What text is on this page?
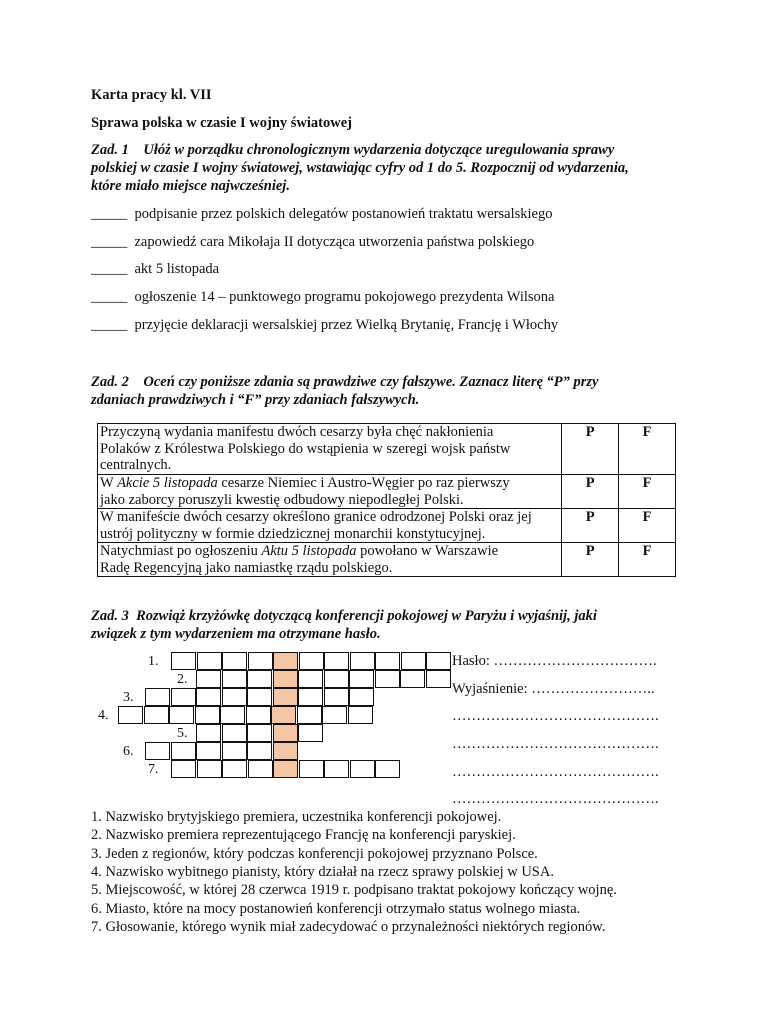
Karta pracy kl. VII
Sprawa polska w czasie I wojny światowej
Zad. 1 Ułóż w porządku chronologicznym wydarzenia dotyczące uregulowania sprawy
polskiej w czasie I wojny światowej, wstawiając cyfry od 1 do 5. Rozpocznij od wydarzenia,
które miało miejsce najwcześniej.
_____ podpisanie przez polskich delegatów postanowień traktatu wersalskiego
_____ zapowiedź cara Mikołaja II dotycząca utworzenia państwa polskiego
_____ akt 5 listopada
_____ ogłoszenie 14 – punktowego programu pokojowego prezydenta Wilsona
_____ przyjęcie deklaracji wersalskiej przez Wielką Brytanię, Francję i Włochy
Zad. 2 Oceń czy poniższe zdania są prawdziwe czy fałszywe. Zaznacz literę “P” przy
zdaniach prawdziwych i “F” przy zdaniach fałszywych.
Przyczyną wydania manifestu dwóch cesarzy była chęć nakłonienia
Polaków z Królestwa Polskiego do wstąpienia w szeregi wojsk państw
centralnych.	P	F

W Akcie 5 listopada cesarze Niemiec i Austro-Węgier po raz pierwszy
jako zaborcy poruszyli kwestię odbudowy niepodległej Polski.	P	F

W manifeście dwóch cesarzy określono granice odrodzonej Polski oraz jej
ustrój polityczny w formie dziedzicznej monarchii konstytucyjnej.	P	F

Natychmiast po ogłoszeniu Aktu 5 listopada powołano w Warszawie
Radę Regencyjną jako namiastkę rządu polskiego.	P	F
Zad. 3 Rozwiąż krzyżówkę dotyczącą konferencji pokojowej w Paryżu i wyjaśnij, jaki
związek z tym wydarzeniem ma otrzymane hasło.
1.
2.
3.
4.
5.
6.
7.
Hasło: …………………………….
Wyjaśnienie: ……………………..
…………………………………….
…………………………………….
…………………………………….
…………………………………….
1. Nazwisko brytyjskiego premiera, uczestnika konferencji pokojowej.
2. Nazwisko premiera reprezentującego Francję na konferencji paryskiej.
3. Jeden z regionów, który podczas konferencji pokojowej przyznano Polsce.
4. Nazwisko wybitnego pianisty, który działał na rzecz sprawy polskiej w USA.
5. Miejscowość, w której 28 czerwca 1919 r. podpisano traktat pokojowy kończący wojnę.
6. Miasto, które na mocy postanowień konferencji otrzymało status wolnego miasta.
7. Głosowanie, którego wynik miał zadecydować o przynależności niektórych regionów.
